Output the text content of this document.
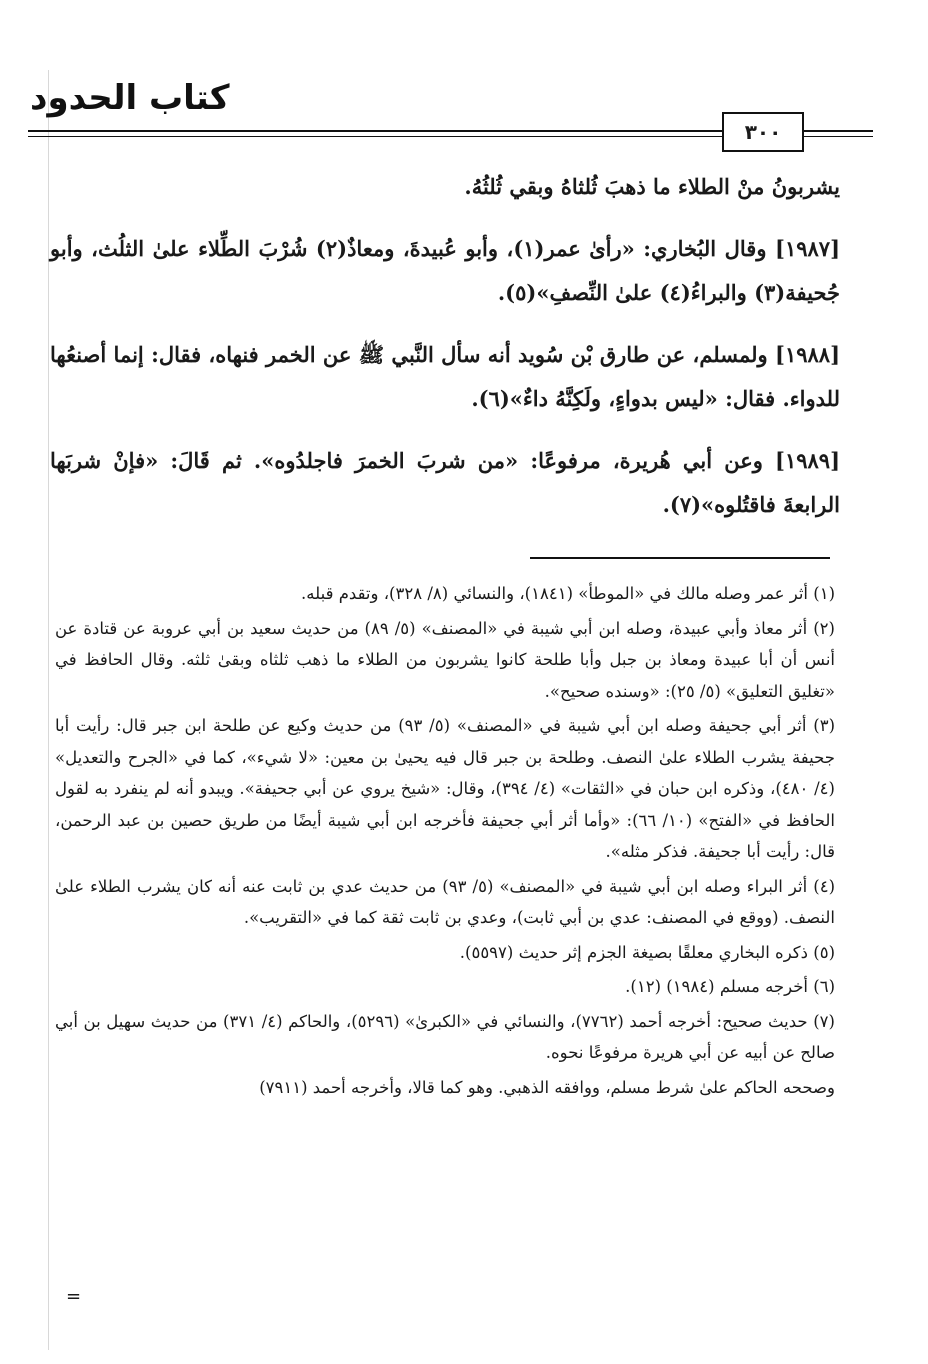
كتاب الحدود
٣٠٠

يشربونُ منْ الطلاء ما ذهبَ ثُلثاهُ وبقي ثُلثُهُ.

[١٩٨٧] وقال البُخاري: «رأىٰ عمر(١)، وأبو عُبيدةَ، ومعاذٌ(٢) شُرْبَ الطِّلاء علىٰ الثلُث، وأبو جُحيفة(٣) والبراءُ(٤) علىٰ النِّصفِ»(٥).

[١٩٨٨] ولمسلم، عن طارق بْن سُويد أنه سأل النَّبي ﷺ عن الخمر فنهاه، فقال: إنما أصنعُها للدواء. فقال: «ليس بدواءٍ، ولَكِنَّهُ داءٌ»(٦).

[١٩٨٩] وعن أبي هُريرة، مرفوعًا: «من شربَ الخمرَ فاجلدُوه». ثم قَالَ: «فإنْ شربَها الرابعةَ فاقتُلوه»(٧).

(١) أثر عمر وصله مالك في «الموطأ» (١٨٤١)، والنسائي (٨/ ٣٢٨)، وتقدم قبله.

(٢) أثر معاذ وأبي عبيدة، وصله ابن أبي شيبة في «المصنف» (٥/ ٨٩) من حديث سعيد بن أبي عروبة عن قتادة عن أنس أن أبا عبيدة ومعاذ بن جبل وأبا طلحة كانوا يشربون من الطلاء ما ذهب ثلثاه وبقىٰ ثلثه. وقال الحافظ في «تغليق التعليق» (٥/ ٢٥): «وسنده صحيح».

(٣) أثر أبي جحيفة وصله ابن أبي شيبة في «المصنف» (٥/ ٩٣) من حديث وكيع عن طلحة ابن جبر قال: رأيت أبا جحيفة يشرب الطلاء علىٰ النصف. وطلحة بن جبر قال فيه يحيىٰ بن معين: «لا شيء»، كما في «الجرح والتعديل» (٤/ ٤٨٠)، وذكره ابن حبان في «الثقات» (٤/ ٣٩٤)، وقال: «شيخ يروي عن أبي جحيفة». ويبدو أنه لم ينفرد به لقول الحافظ في «الفتح» (١٠/ ٦٦): «وأما أثر أبي جحيفة فأخرجه ابن أبي شيبة أيضًا من طريق حصين بن عبد الرحمن، قال: رأيت أبا جحيفة. فذكر مثله».

(٤) أثر البراء وصله ابن أبي شيبة في «المصنف» (٥/ ٩٣) من حديث عدي بن ثابت عنه أنه كان يشرب الطلاء علىٰ النصف. (ووقع في المصنف: عدي بن أبي ثابت)، وعدي بن ثابت ثقة كما في «التقريب».

(٥) ذكره البخاري معلقًا بصيغة الجزم إثر حديث (٥٥٩٧).

(٦) أخرجه مسلم (١٩٨٤) (١٢).

(٧) حديث صحيح: أخرجه أحمد (٧٧٦٢)، والنسائي في «الكبرىٰ» (٥٢٩٦)، والحاكم (٤/ ٣٧١) من حديث سهيل بن أبي صالح عن أبيه عن أبي هريرة مرفوعًا نحوه.

وصححه الحاكم علىٰ شرط مسلم، ووافقه الذهبي. وهو كما قالا، وأخرجه أحمد (٧٩١١)

=
